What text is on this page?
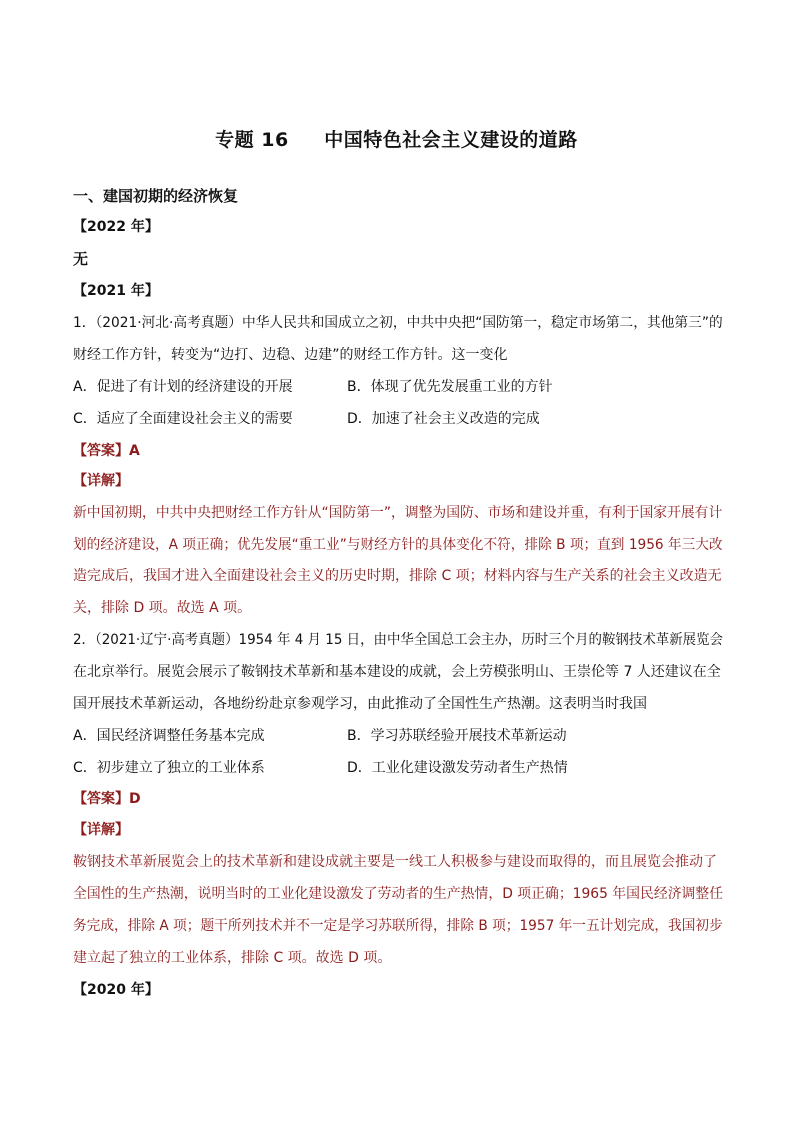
专题 16     中国特色社会主义建设的道路
一、建国初期的经济恢复
【2022 年】
无
【2021 年】
1．（2021·河北·高考真题）中华人民共和国成立之初，中共中央把“国防第一，稳定市场第二，其他第三”的
财经工作方针，转变为“边打、边稳、边建”的财经工作方针。这一变化
A．促进了有计划的经济建设的开展	B．体现了优先发展重工业的方针
C．适应了全面建设社会主义的需要	D．加速了社会主义改造的完成
【答案】A
【详解】
新中国初期，中共中央把财经工作方针从“国防第一”，调整为国防、市场和建设并重，有利于国家开展有计
划的经济建设，A 项正确；优先发展“重工业”与财经方针的具体变化不符，排除 B 项；直到 1956 年三大改
造完成后，我国才进入全面建设社会主义的历史时期，排除 C 项；材料内容与生产关系的社会主义改造无
关，排除 D 项。故选 A 项。
2．（2021·辽宁·高考真题）1954 年 4 月 15 日，由中华全国总工会主办，历时三个月的鞍钢技术革新展览会
在北京举行。展览会展示了鞍钢技术革新和基本建设的成就，会上劳模张明山、王崇伦等 7 人还建议在全
国开展技术革新运动，各地纷纷赴京参观学习，由此推动了全国性生产热潮。这表明当时我国
A．国民经济调整任务基本完成	B．学习苏联经验开展技术革新运动
C．初步建立了独立的工业体系	D．工业化建设激发劳动者生产热情
【答案】D
【详解】
鞍钢技术革新展览会上的技术革新和建设成就主要是一线工人积极参与建设而取得的，而且展览会推动了
全国性的生产热潮，说明当时的工业化建设激发了劳动者的生产热情，D 项正确；1965 年国民经济调整任
务完成，排除 A 项；题干所列技术并不一定是学习苏联所得，排除 B 项；1957 年一五计划完成，我国初步
建立起了独立的工业体系，排除 C 项。故选 D 项。
【2020 年】
